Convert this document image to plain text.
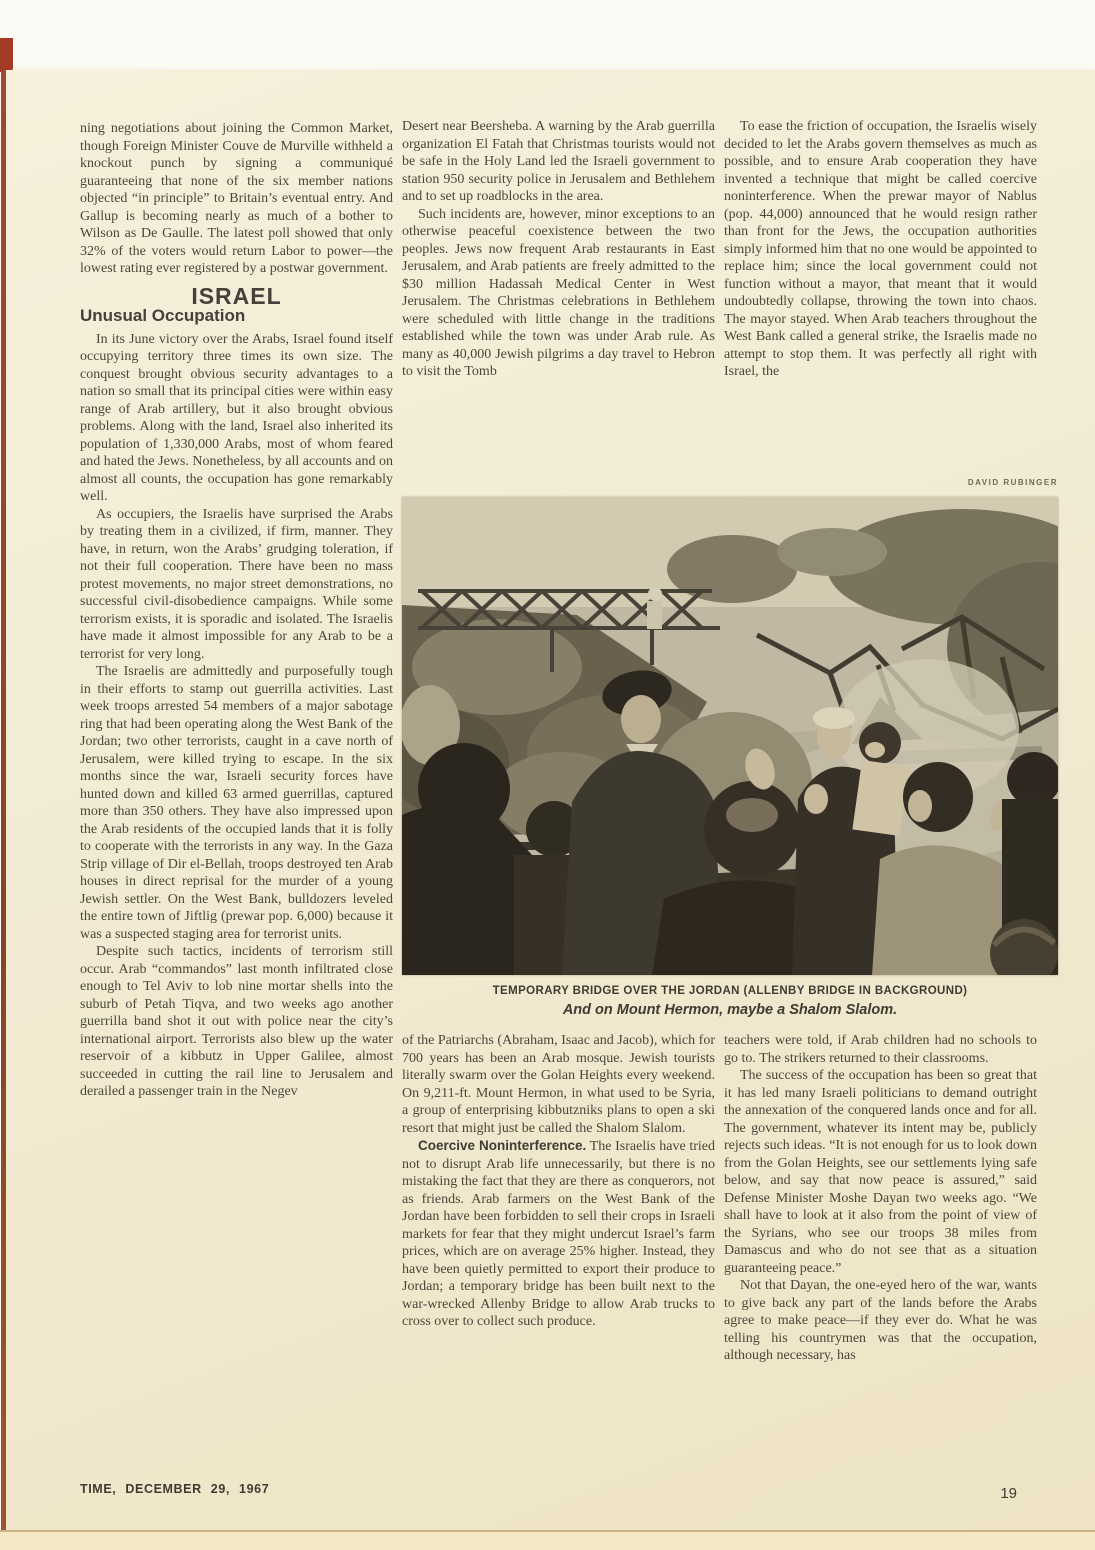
ning negotiations about joining the Common Market, though Foreign Minister Couve de Murville withheld a knockout punch by signing a communiqué guaranteeing that none of the six member nations objected “in principle” to Britain’s eventual entry. And Gallup is becoming nearly as much of a bother to Wilson as De Gaulle. The latest poll showed that only 32% of the voters would return Labor to power—the lowest rating ever registered by a postwar government.

ISRAEL
Unusual Occupation

In its June victory over the Arabs, Israel found itself occupying territory three times its own size. The conquest brought obvious security advantages to a nation so small that its principal cities were within easy range of Arab artillery, but it also brought obvious problems. Along with the land, Israel also inherited its population of 1,330,000 Arabs, most of whom feared and hated the Jews. Nonetheless, by all accounts and on almost all counts, the occupation has gone remarkably well.

As occupiers, the Israelis have surprised the Arabs by treating them in a civilized, if firm, manner. They have, in return, won the Arabs’ grudging toleration, if not their full cooperation. There have been no mass protest movements, no major street demonstrations, no successful civil-disobedience campaigns. While some terrorism exists, it is sporadic and isolated. The Israelis have made it almost impossible for any Arab to be a terrorist for very long.

The Israelis are admittedly and purposefully tough in their efforts to stamp out guerrilla activities. Last week troops arrested 54 members of a major sabotage ring that had been operating along the West Bank of the Jordan; two other terrorists, caught in a cave north of Jerusalem, were killed trying to escape. In the six months since the war, Israeli security forces have hunted down and killed 63 armed guerrillas, captured more than 350 others. They have also impressed upon the Arab residents of the occupied lands that it is folly to cooperate with the terrorists in any way. In the Gaza Strip village of Dir el-Bellah, troops destroyed ten Arab houses in direct reprisal for the murder of a young Jewish settler. On the West Bank, bulldozers leveled the entire town of Jiftlig (prewar pop. 6,000) because it was a suspected staging area for terrorist units.

Despite such tactics, incidents of terrorism still occur. Arab “commandos” last month infiltrated close enough to Tel Aviv to lob nine mortar shells into the suburb of Petah Tiqva, and two weeks ago another guerrilla band shot it out with police near the city’s international airport. Terrorists also blew up the water reservoir of a kibbutz in Upper Galilee, almost succeeded in cutting the rail line to Jerusalem and derailed a passenger train in the Negev

Desert near Beersheba. A warning by the Arab guerrilla organization El Fatah that Christmas tourists would not be safe in the Holy Land led the Israeli government to station 950 security police in Jerusalem and Bethlehem and to set up roadblocks in the area.

Such incidents are, however, minor exceptions to an otherwise peaceful coexistence between the two peoples. Jews now frequent Arab restaurants in East Jerusalem, and Arab patients are freely admitted to the $30 million Hadassah Medical Center in West Jerusalem. The Christmas celebrations in Bethlehem were scheduled with little change in the traditions established while the town was under Arab rule. As many as 40,000 Jewish pilgrims a day travel to Hebron to visit the Tomb

To ease the friction of occupation, the Israelis wisely decided to let the Arabs govern themselves as much as possible, and to ensure Arab cooperation they have invented a technique that might be called coercive noninterference. When the prewar mayor of Nablus (pop. 44,000) announced that he would resign rather than front for the Jews, the occupation authorities simply informed him that no one would be appointed to replace him; since the local government could not function without a mayor, that meant that it would undoubtedly collapse, throwing the town into chaos. The mayor stayed. When Arab teachers throughout the West Bank called a general strike, the Israelis made no attempt to stop them. It was perfectly all right with Israel, the

DAVID RUBINGER
TEMPORARY BRIDGE OVER THE JORDAN (ALLENBY BRIDGE IN BACKGROUND)
And on Mount Hermon, maybe a Shalom Slalom.

of the Patriarchs (Abraham, Isaac and Jacob), which for 700 years has been an Arab mosque. Jewish tourists literally swarm over the Golan Heights every weekend. On 9,211-ft. Mount Hermon, in what used to be Syria, a group of enterprising kibbutzniks plans to open a ski resort that might just be called the Shalom Slalom.

Coercive Noninterference. The Israelis have tried not to disrupt Arab life unnecessarily, but there is no mistaking the fact that they are there as conquerors, not as friends. Arab farmers on the West Bank of the Jordan have been forbidden to sell their crops in Israeli markets for fear that they might undercut Israel’s farm prices, which are on average 25% higher. Instead, they have been quietly permitted to export their produce to Jordan; a temporary bridge has been built next to the war-wrecked Allenby Bridge to allow Arab trucks to cross over to collect such produce.

teachers were told, if Arab children had no schools to go to. The strikers returned to their classrooms.

The success of the occupation has been so great that it has led many Israeli politicians to demand outright the annexation of the conquered lands once and for all. The government, whatever its intent may be, publicly rejects such ideas. “It is not enough for us to look down from the Golan Heights, see our settlements lying safe below, and say that now peace is assured,” said Defense Minister Moshe Dayan two weeks ago. “We shall have to look at it also from the point of view of the Syrians, who see our troops 38 miles from Damascus and who do not see that as a situation guaranteeing peace.”

Not that Dayan, the one-eyed hero of the war, wants to give back any part of the lands before the Arabs agree to make peace—if they ever do. What he was telling his countrymen was that the occupation, although necessary, has

TIME, DECEMBER 29, 1967	19
